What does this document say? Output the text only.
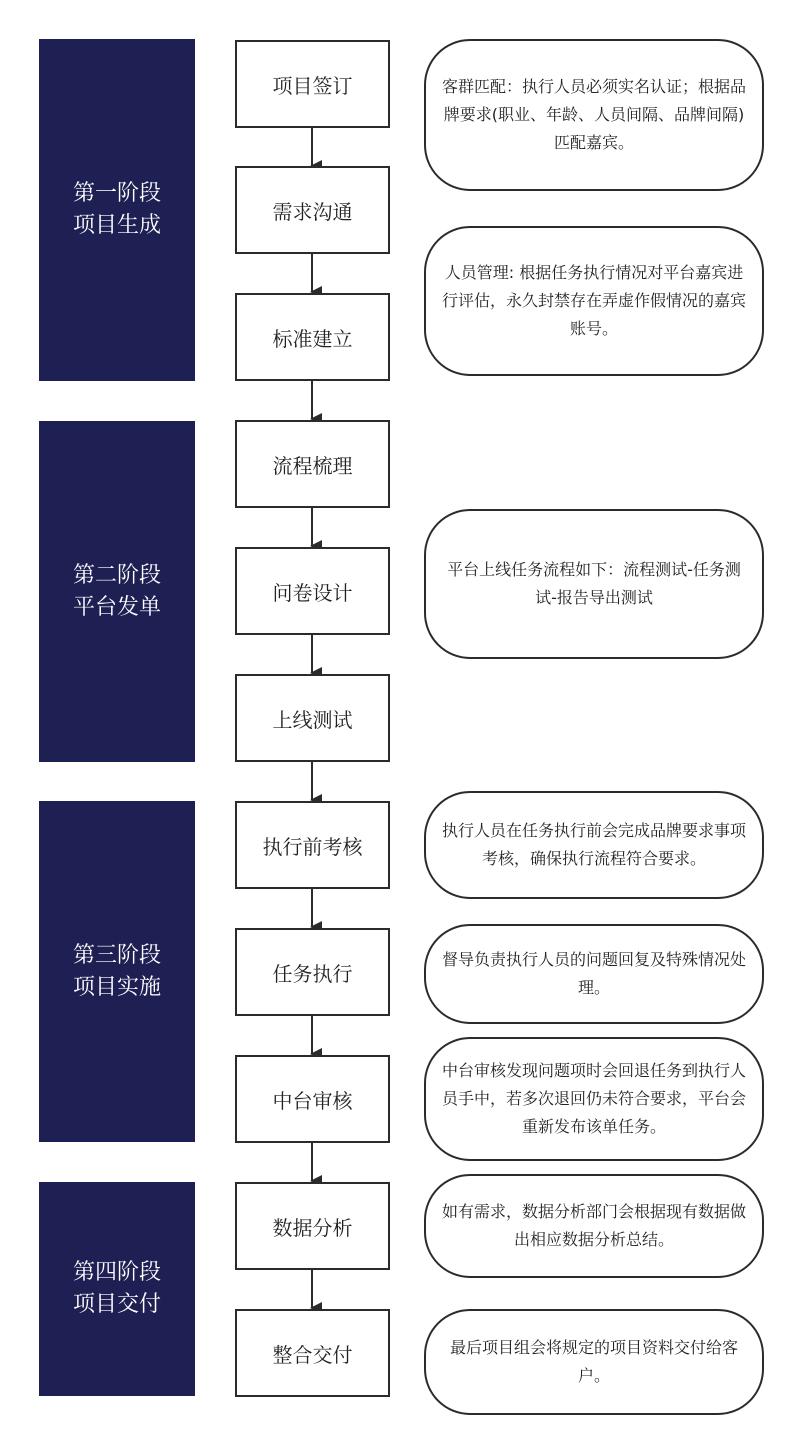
第一阶段
项目生成
第二阶段
平台发单
第三阶段
项目实施
第四阶段
项目交付
项目签订
需求沟通
标准建立
流程梳理
问卷设计
上线测试
执行前考核
任务执行
中台审核
数据分析
整合交付
客群匹配：执行人员必须实名认证；根据品牌要求(职业、年龄、人员间隔、品牌间隔) 匹配嘉宾。
人员管理: 根据任务执行情况对平台嘉宾进行评估，永久封禁存在弄虚作假情况的嘉宾账号。
平台上线任务流程如下：流程测试-任务测试-报告导出测试
执行人员在任务执行前会完成品牌要求事项考核，确保执行流程符合要求。
督导负责执行人员的问题回复及特殊情况处理。
中台审核发现问题项时会回退任务到执行人员手中，若多次退回仍未符合要求，平台会重新发布该单任务。
如有需求，数据分析部门会根据现有数据做出相应数据分析总结。
最后项目组会将规定的项目资料交付给客户。
